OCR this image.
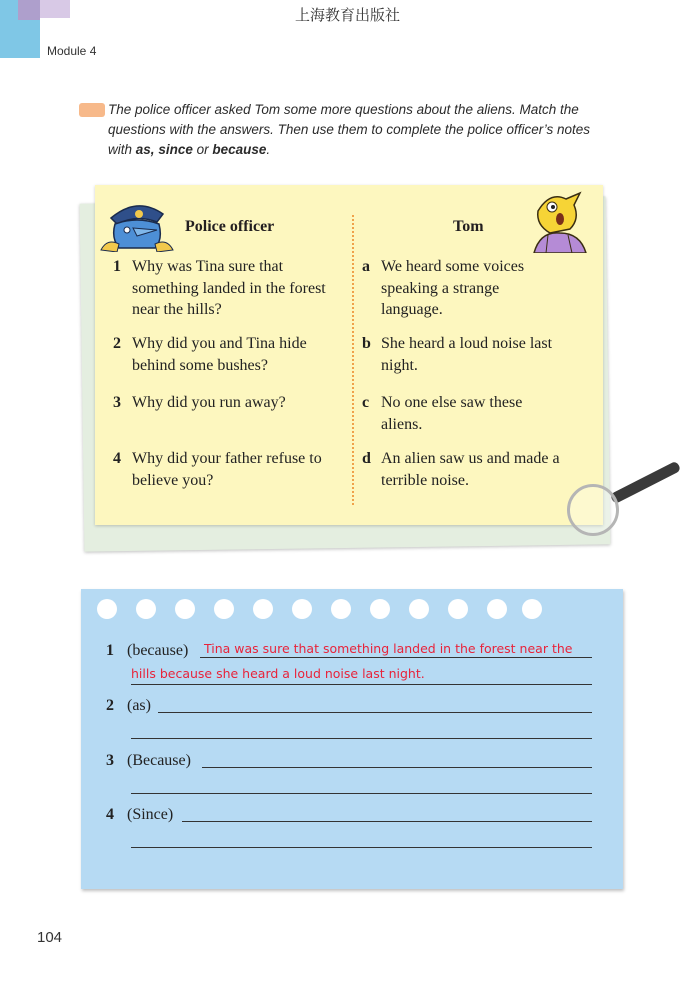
上海教育出版社
Module 4
The police officer asked Tom some more questions about the aliens. Match the
questions with the answers. Then use them to complete the police officer’s notes
with as, since or because.
Police officer	Tom
1 Why was Tina sure that
something landed in the forest
near the hills?
2 Why did you and Tina hide
behind some bushes?
3 Why did you run away?
4 Why did your father refuse to
believe you?
a We heard some voices
speaking a strange
language.
b She heard a loud noise last
night.
c No one else saw these
aliens.
d An alien saw us and made a
terrible noise.
1 (because) Tina was sure that something landed in the forest near the
hills because she heard a loud noise last night.
2 (as)
3 (Because)
4 (Since)
104
